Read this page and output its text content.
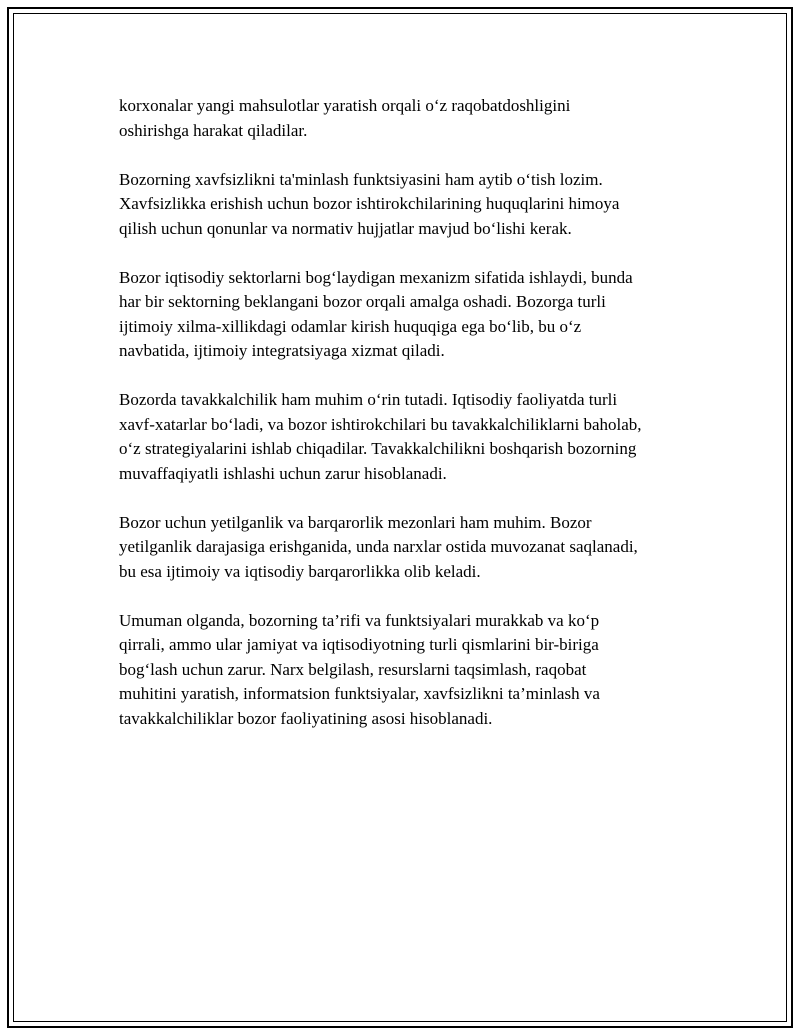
korxonalar yangi mahsulotlar yaratish orqali oʻz raqobatdoshligini
oshirishga harakat qiladilar.

Bozorning xavfsizlikni ta'minlash funktsiyasini ham aytib oʻtish lozim.
Xavfsizlikka erishish uchun bozor ishtirokchilarining huquqlarini himoya
qilish uchun qonunlar va normativ hujjatlar mavjud boʻlishi kerak.

Bozor iqtisodiy sektorlarni bogʻlaydigan mexanizm sifatida ishlaydi, bunda
har bir sektorning beklangani bozor orqali amalga oshadi. Bozorga turli
ijtimoiy xilma-xillikdagi odamlar kirish huquqiga ega boʻlib, bu oʻz
navbatida, ijtimoiy integratsiyaga xizmat qiladi.

Bozorda tavakkalchilik ham muhim oʻrin tutadi. Iqtisodiy faoliyatda turli
xavf-xatarlar boʻladi, va bozor ishtirokchilari bu tavakkalchiliklarni baholab,
oʻz strategiyalarini ishlab chiqadilar. Tavakkalchilikni boshqarish bozorning
muvaffaqiyatli ishlashi uchun zarur hisoblanadi.

Bozor uchun yetilganlik va barqarorlik mezonlari ham muhim. Bozor
yetilganlik darajasiga erishganida, unda narxlar ostida muvozanat saqlanadi,
bu esa ijtimoiy va iqtisodiy barqarorlikka olib keladi.

Umuman olganda, bozorning ta’rifi va funktsiyalari murakkab va koʻp
qirrali, ammo ular jamiyat va iqtisodiyotning turli qismlarini bir-biriga
bogʻlash uchun zarur. Narx belgilash, resurslarni taqsimlash, raqobat
muhitini yaratish, informatsion funktsiyalar, xavfsizlikni ta’minlash va
tavakkalchiliklar bozor faoliyatining asosi hisoblanadi.
